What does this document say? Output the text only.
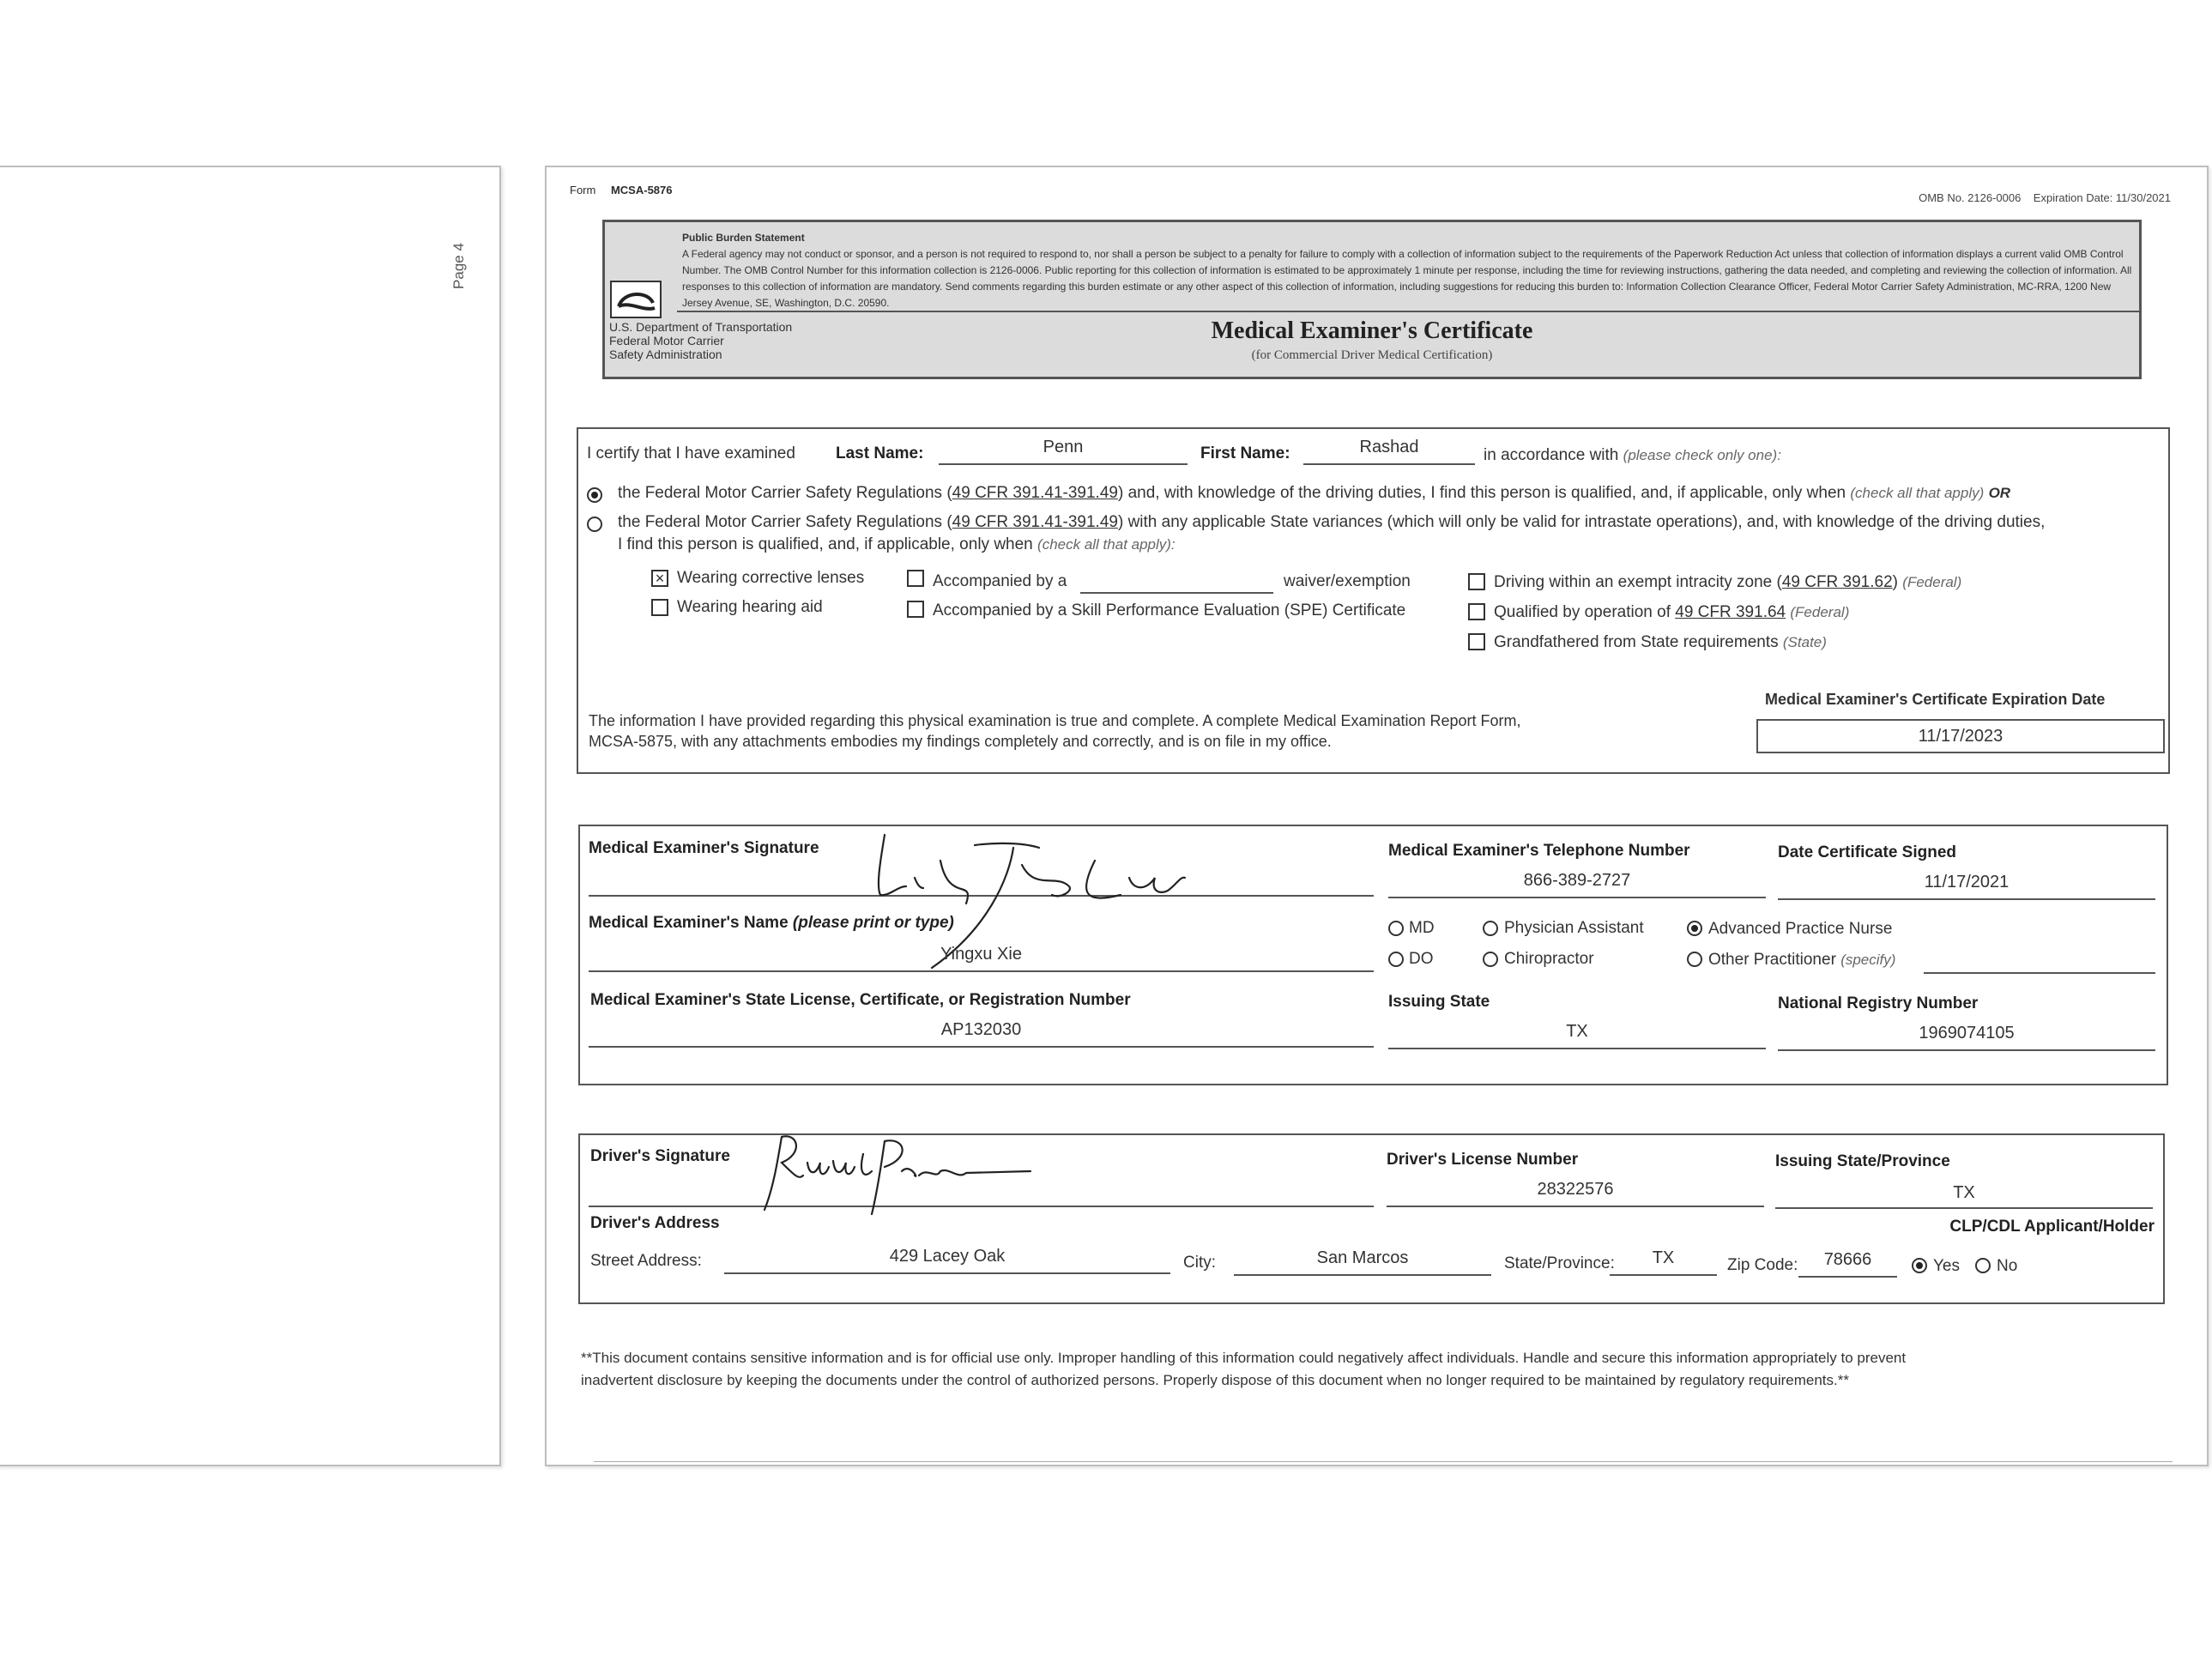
Page 4
Form MCSA-5876
OMB No. 2126-0006    Expiration Date: 11/30/2021
Public Burden Statement
A Federal agency may not conduct or sponsor, and a person is not required to respond to, nor shall a person be subject to a penalty for failure to comply with a collection of information subject to the requirements of the Paperwork Reduction Act unless that collection of information displays a current valid OMB Control Number. The OMB Control Number for this information collection is 2126-0006. Public reporting for this collection of information is estimated to be approximately 1 minute per response, including the time for reviewing instructions, gathering the data needed, and completing and reviewing the collection of information. All responses to this collection of information are mandatory. Send comments regarding this burden estimate or any other aspect of this collection of information, including suggestions for reducing this burden to: Information Collection Clearance Officer, Federal Motor Carrier Safety Administration, MC-RRA, 1200 New Jersey Avenue, SE, Washington, D.C. 20590.
U.S. Department of Transportation
Federal Motor Carrier
Safety Administration
Medical Examiner's Certificate
(for Commercial Driver Medical Certification)
I certify that I have examined Last Name:	Penn	First Name:	Rashad	in accordance with (please check only one):
the Federal Motor Carrier Safety Regulations (49 CFR 391.41-391.49) and, with knowledge of the driving duties, I find this person is qualified, and, if applicable, only when (check all that apply) OR
the Federal Motor Carrier Safety Regulations (49 CFR 391.41-391.49) with any applicable State variances (which will only be valid for intrastate operations), and, with knowledge of the driving duties,
I find this person is qualified, and, if applicable, only when (check all that apply):
× Wearing corrective lenses
Wearing hearing aid
Accompanied by a	waiver/exemption
Accompanied by a Skill Performance Evaluation (SPE) Certificate
Driving within an exempt intracity zone (49 CFR 391.62) (Federal)
Qualified by operation of 49 CFR 391.64 (Federal)
Grandfathered from State requirements (State)
The information I have provided regarding this physical examination is true and complete. A complete Medical Examination Report Form,
MCSA-5875, with any attachments embodies my findings completely and correctly, and is on file in my office.
Medical Examiner's Certificate Expiration Date
11/17/2023
Medical Examiner's Signature	Medical Examiner's Telephone Number
866-389-2727
Date Certificate Signed
11/17/2021
Medical Examiner's Name (please print or type)
Yingxu Xie
MD
DO
Physician Assistant
Chiropractor
Advanced Practice Nurse
Other Practitioner (specify)
Medical Examiner's State License, Certificate, or Registration Number
AP132030
Issuing State
TX
National Registry Number
1969074105
Driver's Signature	Driver's License Number
28322576
Issuing State/Province
TX
Driver's Address	CLP/CDL Applicant/Holder
Street Address:	429 Lacey Oak	City:	San Marcos	State/Province:	TX	Zip Code:	78666	Yes No
**This document contains sensitive information and is for official use only. Improper handling of this information could negatively affect individuals. Handle and secure this information appropriately to prevent
inadvertent disclosure by keeping the documents under the control of authorized persons. Properly dispose of this document when no longer required to be maintained by regulatory requirements.**
